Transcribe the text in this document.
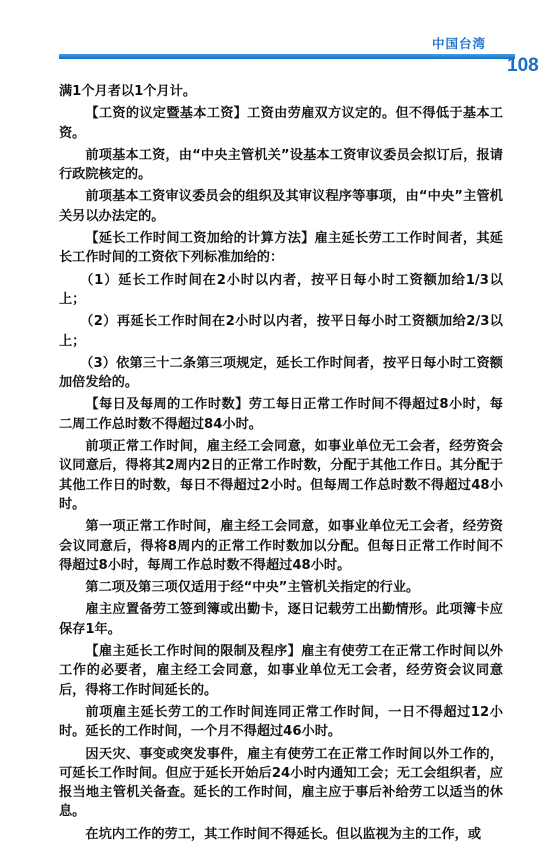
中国台湾
108

满1个月者以1个月计。

【工资的议定暨基本工资】工资由劳雇双方议定的。但不得低于基本工资。

前项基本工资，由“中央主管机关”设基本工资审议委员会拟订后，报请行政院核定的。

前项基本工资审议委员会的组织及其审议程序等事项，由“中央”主管机关另以办法定的。

【延长工作时间工资加给的计算方法】雇主延长劳工工作时间者，其延长工作时间的工资依下列标准加给的：

（1）延长工作时间在2小时以内者，按平日每小时工资额加给1/3以上；

（2）再延长工作时间在2小时以内者，按平日每小时工资额加给2/3以上；

（3）依第三十二条第三项规定，延长工作时间者，按平日每小时工资额加倍发给的。

【每日及每周的工作时数】劳工每日正常工作时间不得超过8小时，每二周工作总时数不得超过84小时。

前项正常工作时间，雇主经工会同意，如事业单位无工会者，经劳资会议同意后，得将其2周内2日的正常工作时数，分配于其他工作日。其分配于其他工作日的时数，每日不得超过2小时。但每周工作总时数不得超过48小时。

第一项正常工作时间，雇主经工会同意，如事业单位无工会者，经劳资会议同意后，得将8周内的正常工作时数加以分配。但每日正常工作时间不得超过8小时，每周工作总时数不得超过48小时。

第二项及第三项仅适用于经“中央”主管机关指定的行业。

雇主应置备劳工签到簿或出勤卡，逐日记载劳工出勤情形。此项簿卡应保存1年。

【雇主延长工作时间的限制及程序】雇主有使劳工在正常工作时间以外工作的必要者，雇主经工会同意，如事业单位无工会者，经劳资会议同意后，得将工作时间延长的。

前项雇主延长劳工的工作时间连同正常工作时间，一日不得超过12小时。延长的工作时间，一个月不得超过46小时。

因天灾、事变或突发事件，雇主有使劳工在正常工作时间以外工作的，可延长工作时间。但应于延长开始后24小时内通知工会；无工会组织者，应报当地主管机关备查。延长的工作时间，雇主应于事后补给劳工以适当的休息。

在坑内工作的劳工，其工作时间不得延长。但以监视为主的工作，或
